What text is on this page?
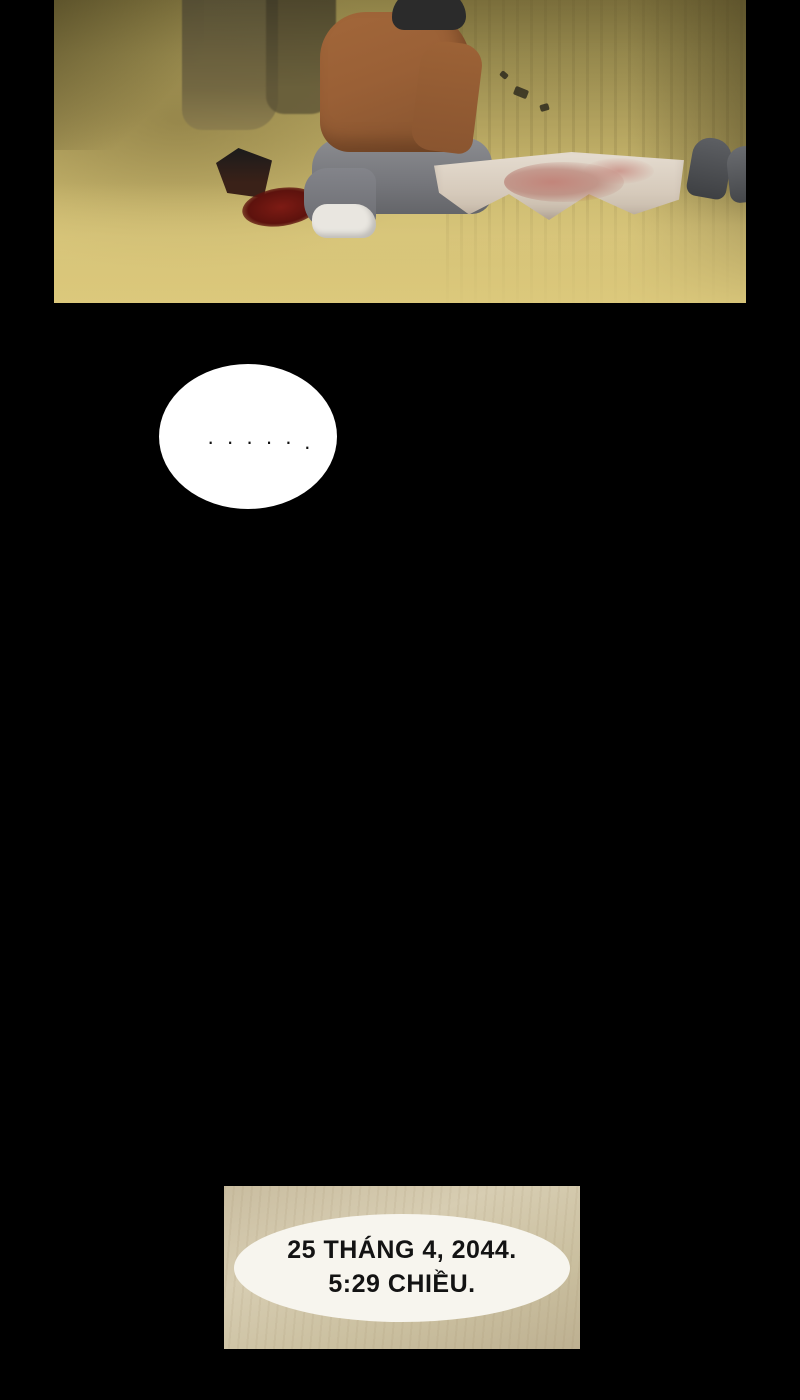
· · · · · .
25 THÁNG 4, 2044.
5:29 CHIỀU.
